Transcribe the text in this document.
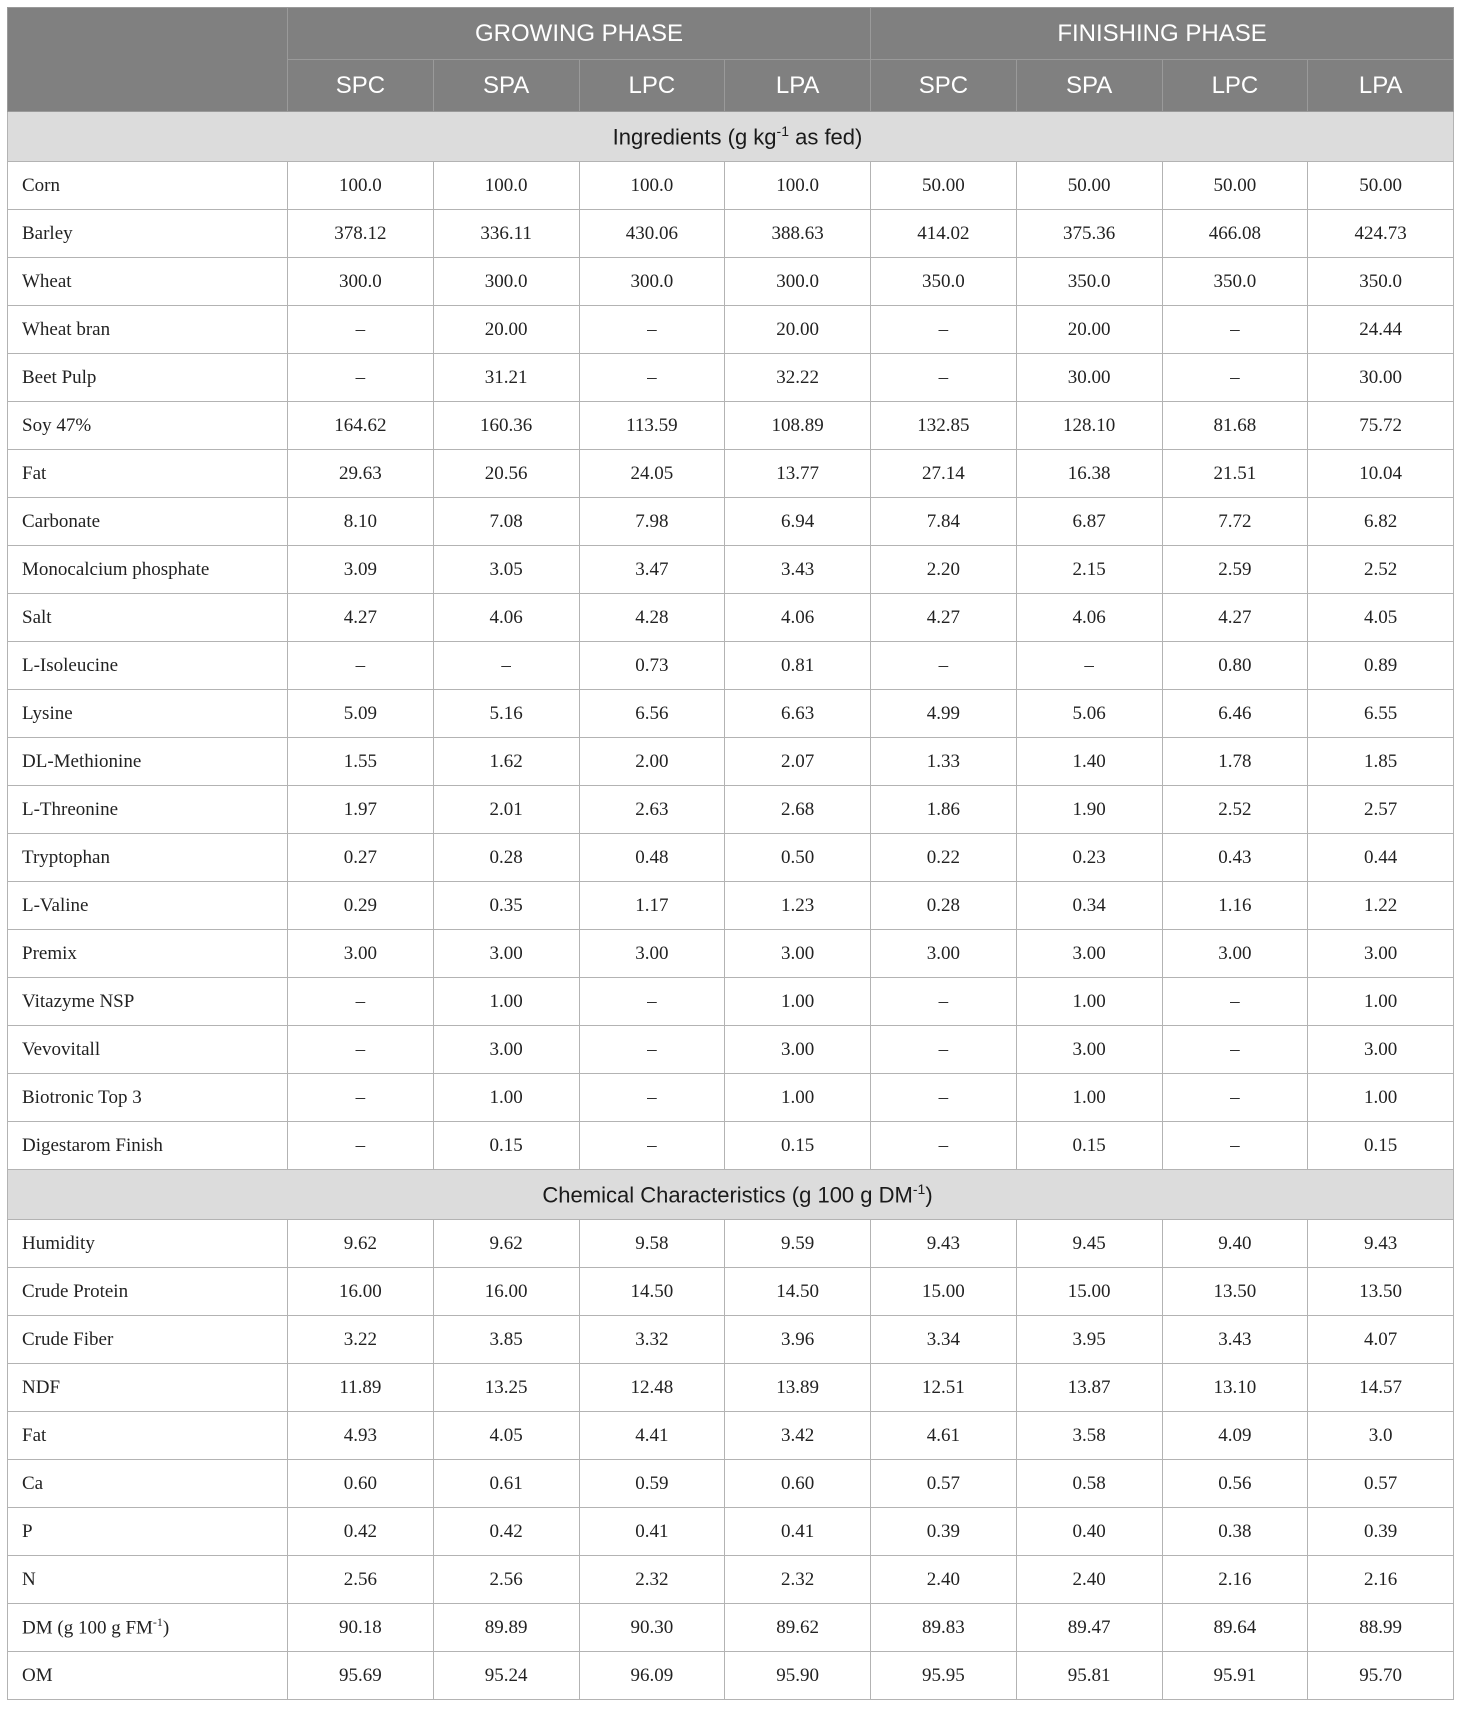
	GROWING PHASE				FINISHING PHASE			
	SPC	SPA	LPC	LPA	SPC	SPA	LPC	LPA
Ingredients (g $kg^{-1}$ as fed)								
Corn	100.0	100.0	100.0	100.0	50.00	50.00	50.00	50.00
Barley	378.12	336.11	430.06	388.63	414.02	375.36	466.08	424.73
Wheat	300.0	300.0	300.0	300.0	350.0	350.0	350.0	350.0
Wheat bran	–	20.00	–	20.00	–	20.00	–	24.44
Beet Pulp	–	31.21	–	32.22	–	30.00	–	30.00
Soy 47%	164.62	160.36	113.59	108.89	132.85	128.10	81.68	75.72
Fat	29.63	20.56	24.05	13.77	27.14	16.38	21.51	10.04
Carbonate	8.10	7.08	7.98	6.94	7.84	6.87	7.72	6.82
Monocalcium phosphate	3.09	3.05	3.47	3.43	2.20	2.15	2.59	2.52
Salt	4.27	4.06	4.28	4.06	4.27	4.06	4.27	4.05
L-Isoleucine	–	–	0.73	0.81	–	–	0.80	0.89
Lysine	5.09	5.16	6.56	6.63	4.99	5.06	6.46	6.55
DL-Methionine	1.55	1.62	2.00	2.07	1.33	1.40	1.78	1.85
L-Threonine	1.97	2.01	2.63	2.68	1.86	1.90	2.52	2.57
Tryptophan	0.27	0.28	0.48	0.50	0.22	0.23	0.43	0.44
L-Valine	0.29	0.35	1.17	1.23	0.28	0.34	1.16	1.22
Premix	3.00	3.00	3.00	3.00	3.00	3.00	3.00	3.00
Vitazyme NSP	–	1.00	–	1.00	–	1.00	–	1.00
Vevovitall	–	3.00	–	3.00	–	3.00	–	3.00
Biotronic Top 3	–	1.00	–	1.00	–	1.00	–	1.00
Digestarom Finish	–	0.15	–	0.15	–	0.15	–	0.15
Chemical Characteristics (g 100 g $DM^{-1}$)								
Humidity	9.62	9.62	9.58	9.59	9.43	9.45	9.40	9.43
Crude Protein	16.00	16.00	14.50	14.50	15.00	15.00	13.50	13.50
Crude Fiber	3.22	3.85	3.32	3.96	3.34	3.95	3.43	4.07
NDF	11.89	13.25	12.48	13.89	12.51	13.87	13.10	14.57
Fat	4.93	4.05	4.41	3.42	4.61	3.58	4.09	3.0
Ca	0.60	0.61	0.59	0.60	0.57	0.58	0.56	0.57
P	0.42	0.42	0.41	0.41	0.39	0.40	0.38	0.39
N	2.56	2.56	2.32	2.32	2.40	2.40	2.16	2.16
DM (g 100 g $FM^{-1}$)	90.18	89.89	90.30	89.62	89.83	89.47	89.64	88.99
OM	95.69	95.24	96.09	95.90	95.95	95.81	95.91	95.70
